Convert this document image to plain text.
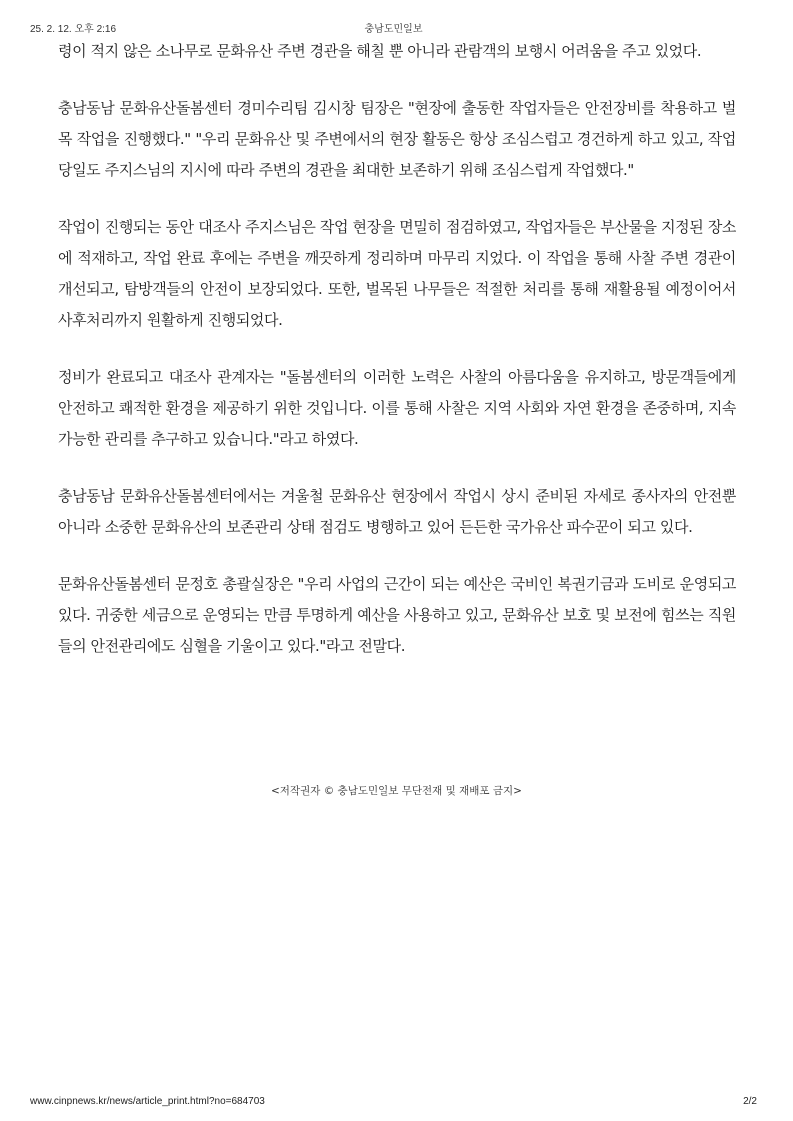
25. 2. 12. 오후 2:16	충남도민일보

령이 적지 않은 소나무로 문화유산 주변 경관을 해칠 뿐 아니라 관람객의 보행시 어려움을 주고 있었다.

충남동남 문화유산돌봄센터 경미수리팀 김시창 팀장은 "현장에 출동한 작업자들은 안전장비를 착용하고 벌목 작업을 진행했다." "우리 문화유산 및 주변에서의 현장 활동은 항상 조심스럽고 경건하게 하고 있고, 작업 당일도 주지스님의 지시에 따라 주변의 경관을 최대한 보존하기 위해 조심스럽게 작업했다."

작업이 진행되는 동안 대조사 주지스님은 작업 현장을 면밀히 점검하였고, 작업자들은 부산물을 지정된 장소에 적재하고, 작업 완료 후에는 주변을 깨끗하게 정리하며 마무리 지었다. 이 작업을 통해 사찰 주변 경관이 개선되고, 탐방객들의 안전이 보장되었다. 또한, 벌목된 나무들은 적절한 처리를 통해 재활용될 예정이어서 사후처리까지 원활하게 진행되었다.

정비가 완료되고 대조사 관계자는 "돌봄센터의 이러한 노력은 사찰의 아름다움을 유지하고, 방문객들에게 안전하고 쾌적한 환경을 제공하기 위한 것입니다. 이를 통해 사찰은 지역 사회와 자연 환경을 존중하며, 지속 가능한 관리를 추구하고 있습니다."라고 하였다.

충남동남 문화유산돌봄센터에서는 겨울철 문화유산 현장에서 작업시 상시 준비된 자세로 종사자의 안전뿐 아니라 소중한 문화유산의 보존관리 상태 점검도 병행하고 있어 든든한 국가유산 파수꾼이 되고 있다.

문화유산돌봄센터 문정호 총괄실장은 "우리 사업의 근간이 되는 예산은 국비인 복권기금과 도비로 운영되고 있다. 귀중한 세금으로 운영되는 만큼 투명하게 예산을 사용하고 있고, 문화유산 보호 및 보전에 힘쓰는 직원들의 안전관리에도 심혈을 기울이고 있다."라고 전말다.

<저작권자 © 충남도민일보 무단전재 및 재배포 금지>
www.cinpnews.kr/news/article_print.html?no=684703	2/2
